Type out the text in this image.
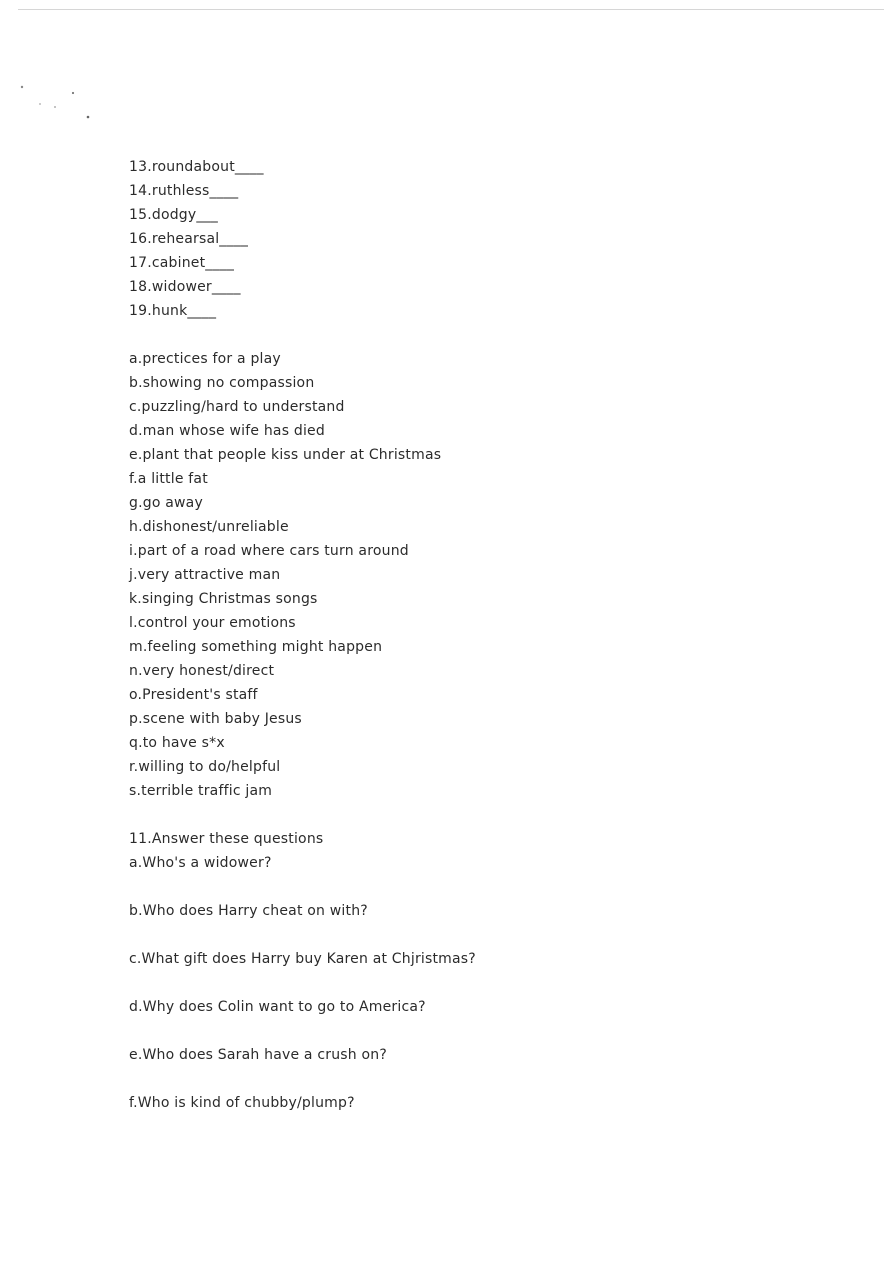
13.roundabout____
14.ruthless____
15.dodgy___
16.rehearsal____
17.cabinet____
18.widower____
19.hunk____
a.prectices for a play
b.showing no compassion
c.puzzling/hard to understand
d.man whose wife has died
e.plant that people kiss under at Christmas
f.a little fat
g.go away
h.dishonest/unreliable
i.part of a road where cars turn around
j.very attractive man
k.singing Christmas songs
l.control your emotions
m.feeling something might happen
n.very honest/direct
o.President's staff
p.scene with baby Jesus
q.to have s*x
r.willing to do/helpful
s.terrible traffic jam
11.Answer these questions
a.Who's a widower?
b.Who does Harry cheat on with?
c.What gift does Harry buy Karen at Chjristmas?
d.Why does Colin want to go to America?
e.Who does Sarah have a crush on?
f.Who is kind of chubby/plump?
